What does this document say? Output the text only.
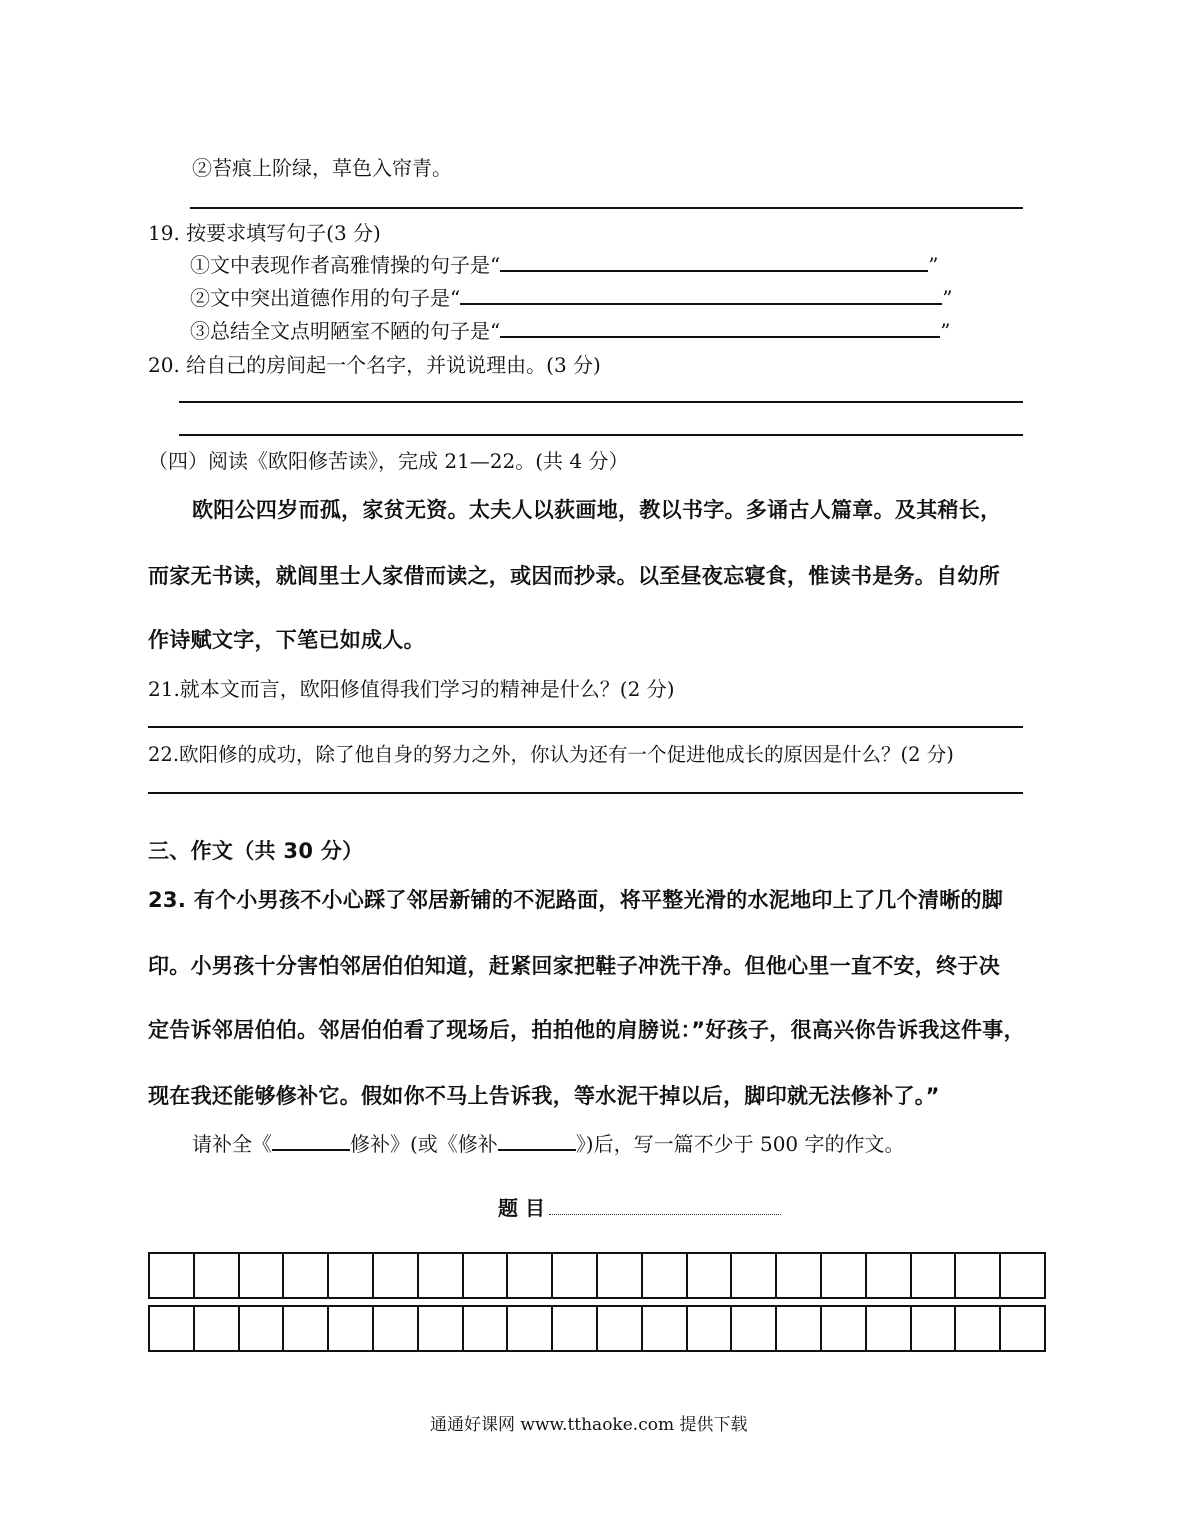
②苔痕上阶绿，草色入帘青。
19. 按要求填写句子(3 分)
①文中表现作者高雅情操的句子是“	”
②文中突出道德作用的句子是“	”
③总结全文点明陋室不陋的句子是“	”
20. 给自己的房间起一个名字，并说说理由。(3 分)
（四）阅读《欧阳修苦读》，完成 21—22。(共 4 分）
欧阳公四岁而孤，家贫无资。太夫人以荻画地，教以书字。多诵古人篇章。及其稍长，
而家无书读，就闾里士人家借而读之，或因而抄录。以至昼夜忘寝食，惟读书是务。自幼所
作诗赋文字，下笔已如成人。
21.就本文而言，欧阳修值得我们学习的精神是什么？(2 分)
22.欧阳修的成功，除了他自身的努力之外，你认为还有一个促进他成长的原因是什么？(2 分)
三、作文（共 30 分）
23. 有个小男孩不小心踩了邻居新铺的不泥路面，将平整光滑的水泥地印上了几个清晰的脚
印。小男孩十分害怕邻居伯伯知道，赶紧回家把鞋子冲洗干净。但他心里一直不安，终于决
定告诉邻居伯伯。邻居伯伯看了现场后，拍拍他的肩膀说：”好孩子，很高兴你告诉我这件事，
现在我还能够修补它。假如你不马上告诉我，等水泥干掉以后，脚印就无法修补了。”
请补全《	修补》(或《修补	》)后，写一篇不少于 500 字的作文。
题 目
通通好课网 www.tthaoke.com 提供下载
